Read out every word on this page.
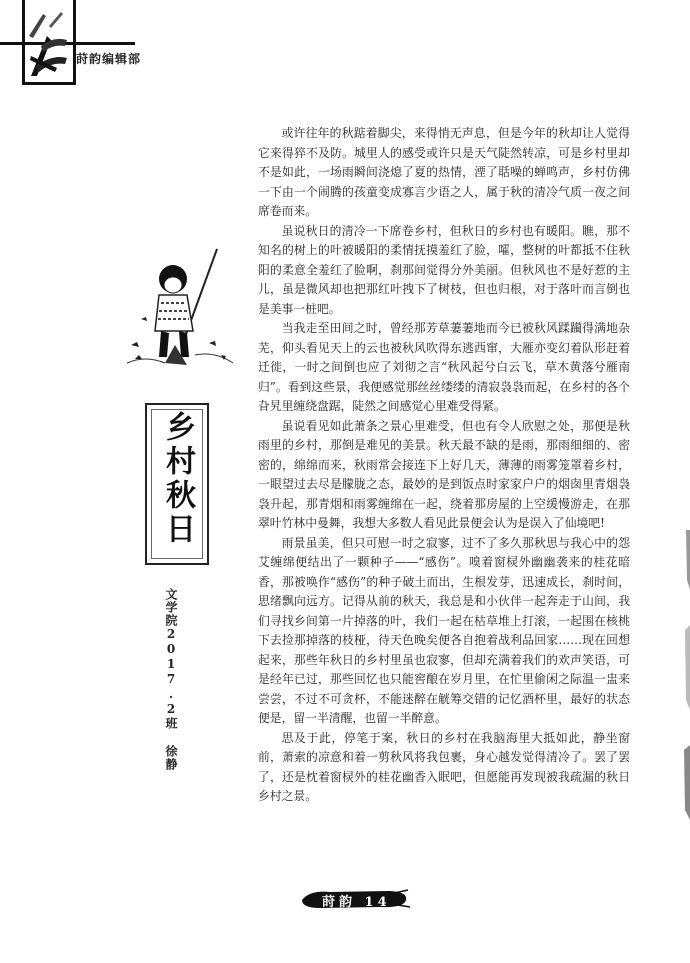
莳韵编辑部
乡村秋日
文学院2017.2班 徐静

或许往年的秋踮着脚尖，来得悄无声息，但是今年的秋却让人觉得它来得猝不及防。城里人的感受或许只是天气陡然转凉，可是乡村里却不是如此，一场雨瞬间浇熄了夏的热情，湮了聒噪的蝉鸣声，乡村仿佛一下由一个闹腾的孩童变成寡言少语之人，属于秋的清冷气质一夜之间席卷而来。

虽说秋日的清冷一下席卷乡村，但秋日的乡村也有暖阳。瞧，那不知名的树上的叶被暖阳的柔情抚摸羞红了脸，嚯，整树的叶都抵不住秋阳的柔意全羞红了脸啊，刹那间觉得分外美丽。但秋风也不是好惹的主儿，虽是微风却也把那红叶拽下了树枝，但也归根，对于落叶而言倒也是美事一桩吧。

当我走至田间之时，曾经那芳草萋萋地而今已被秋风蹂躏得满地杂芜，仰头看见天上的云也被秋风吹得东逃西窜，大雁亦变幻着队形赶着迁徙，一时之间倒也应了刘彻之言“秋风起兮白云飞，草木黄落兮雁南归”。看到这些景，我便感觉那丝丝缕缕的清寂袅袅而起，在乡村的各个旮旯里缠绕盘踞，陡然之间感觉心里难受得紧。

虽说看见如此萧条之景心里难受，但也有令人欣慰之处，那便是秋雨里的乡村，那倒是难见的美景。秋天最不缺的是雨，那雨细细的、密密的，绵绵而来，秋雨常会接连下上好几天，薄薄的雨雾笼罩着乡村，一眼望过去尽是朦胧之态，最妙的是到饭点时家家户户的烟囱里青烟袅袅升起，那青烟和雨雾缠绵在一起，绕着那房屋的上空缓慢游走，在那翠叶竹林中曼舞，我想大多数人看见此景便会认为是误入了仙境吧!

雨景虽美，但只可慰一时之寂寥，过不了多久那秋思与我心中的怨艾缠绵便结出了一颗种子——“感伤”。嗅着窗棂外幽幽袭来的桂花暗香，那被唤作“感伤”的种子破土而出，生根发芽，迅速成长，刹时间，思绪飘向远方。记得从前的秋天，我总是和小伙伴一起奔走于山间，我们寻找乡间第一片掉落的叶，我们一起在枯草堆上打滚，一起围在核桃下去捡那掉落的枝桠，待天色晚矣便各自抱着战利品回家……现在回想起来，那些年秋日的乡村里虽也寂寥，但却充满着我们的欢声笑语，可是经年已过，那些回忆也只能窖酿在岁月里，在忙里偷闲之际温一盅来尝尝，不过不可贪杯，不能迷醉在觥筹交错的记忆酒杯里，最好的状态便是，留一半清醒，也留一半醉意。

思及于此，停笔于案，秋日的乡村在我脑海里大抵如此，静坐窗前，萧索的凉意和着一剪秋风将我包裹，身心越发觉得清冷了。罢了罢了，还是枕着窗棂外的桂花幽香入眠吧，但愿能再发现被我疏漏的秋日乡村之景。

莳韵 14
